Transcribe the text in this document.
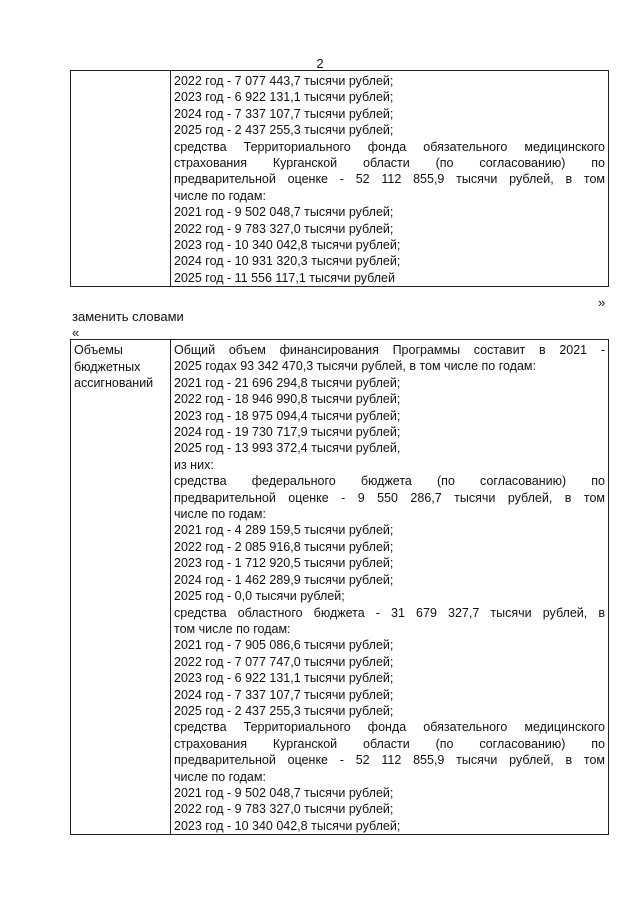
2

2022 год - 7 077 443,7 тысячи рублей;
2023 год - 6 922 131,1 тысячи рублей;
2024 год - 7 337 107,7 тысячи рублей;
2025 год - 2 437 255,3 тысячи рублей;
средства Территориального фонда обязательного медицинского
страхования Курганской области (по согласованию) по
предварительной оценке - 52 112 855,9 тысячи рублей, в том
числе по годам:
2021 год - 9 502 048,7 тысячи рублей;
2022 год - 9 783 327,0 тысячи рублей;
2023 год - 10 340 042,8 тысячи рублей;
2024 год - 10 931 320,3 тысячи рублей;
2025 год - 11 556 117,1 тысячи рублей
»
заменить словами
«
Объемы
бюджетных
ассигнований

Общий объем финансирования Программы составит в 2021 -
2025 годах 93 342 470,3 тысячи рублей, в том числе по годам:
2021 год - 21 696 294,8 тысячи рублей;
2022 год - 18 946 990,8 тысячи рублей;
2023 год - 18 975 094,4 тысячи рублей;
2024 год - 19 730 717,9 тысячи рублей;
2025 год - 13 993 372,4 тысячи рублей,
из них:
средства федерального бюджета (по согласованию) по
предварительной оценке - 9 550 286,7 тысячи рублей, в том
числе по годам:
2021 год - 4 289 159,5 тысячи рублей;
2022 год - 2 085 916,8 тысячи рублей;
2023 год - 1 712 920,5 тысячи рублей;
2024 год - 1 462 289,9 тысячи рублей;
2025 год - 0,0 тысячи рублей;
средства областного бюджета - 31 679 327,7 тысячи рублей, в
том числе по годам:
2021 год - 7 905 086,6 тысячи рублей;
2022 год - 7 077 747,0 тысячи рублей;
2023 год - 6 922 131,1 тысячи рублей;
2024 год - 7 337 107,7 тысячи рублей;
2025 год - 2 437 255,3 тысячи рублей;
средства Территориального фонда обязательного медицинского
страхования Курганской области (по согласованию) по
предварительной оценке - 52 112 855,9 тысячи рублей, в том
числе по годам:
2021 год - 9 502 048,7 тысячи рублей;
2022 год - 9 783 327,0 тысячи рублей;
2023 год - 10 340 042,8 тысячи рублей;
